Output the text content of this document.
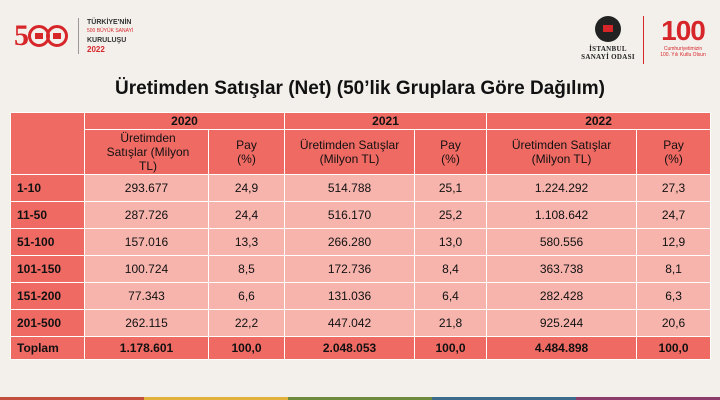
5	TÜRKİYE'NİN
500 BÜYÜK SANAYİ
KURULUŞU
2022	İSTANBUL
SANAYİ ODASI
100
Cumhuriyetimizin
100. Yılı Kutlu Olsun
Üretimden Satışlar (Net) (50’lik Gruplara Göre Dağılım)
	2020		2021		2022	

	Üretimden Satışlar (Milyon TL)	Pay (%)	Üretimden Satışlar (Milyon TL)	Pay (%)	Üretimden Satışlar (Milyon TL)	Pay (%)

1-10	293.677	24,9	514.788	25,1	1.224.292	27,3
11-50	287.726	24,4	516.170	25,2	1.108.642	24,7
51-100	157.016	13,3	266.280	13,0	580.556	12,9
101-150	100.724	8,5	172.736	8,4	363.738	8,1
151-200	77.343	6,6	131.036	6,4	282.428	6,3
201-500	262.115	22,2	447.042	21,8	925.244	20,6
Toplam	1.178.601	100,0	2.048.053	100,0	4.484.898	100,0
